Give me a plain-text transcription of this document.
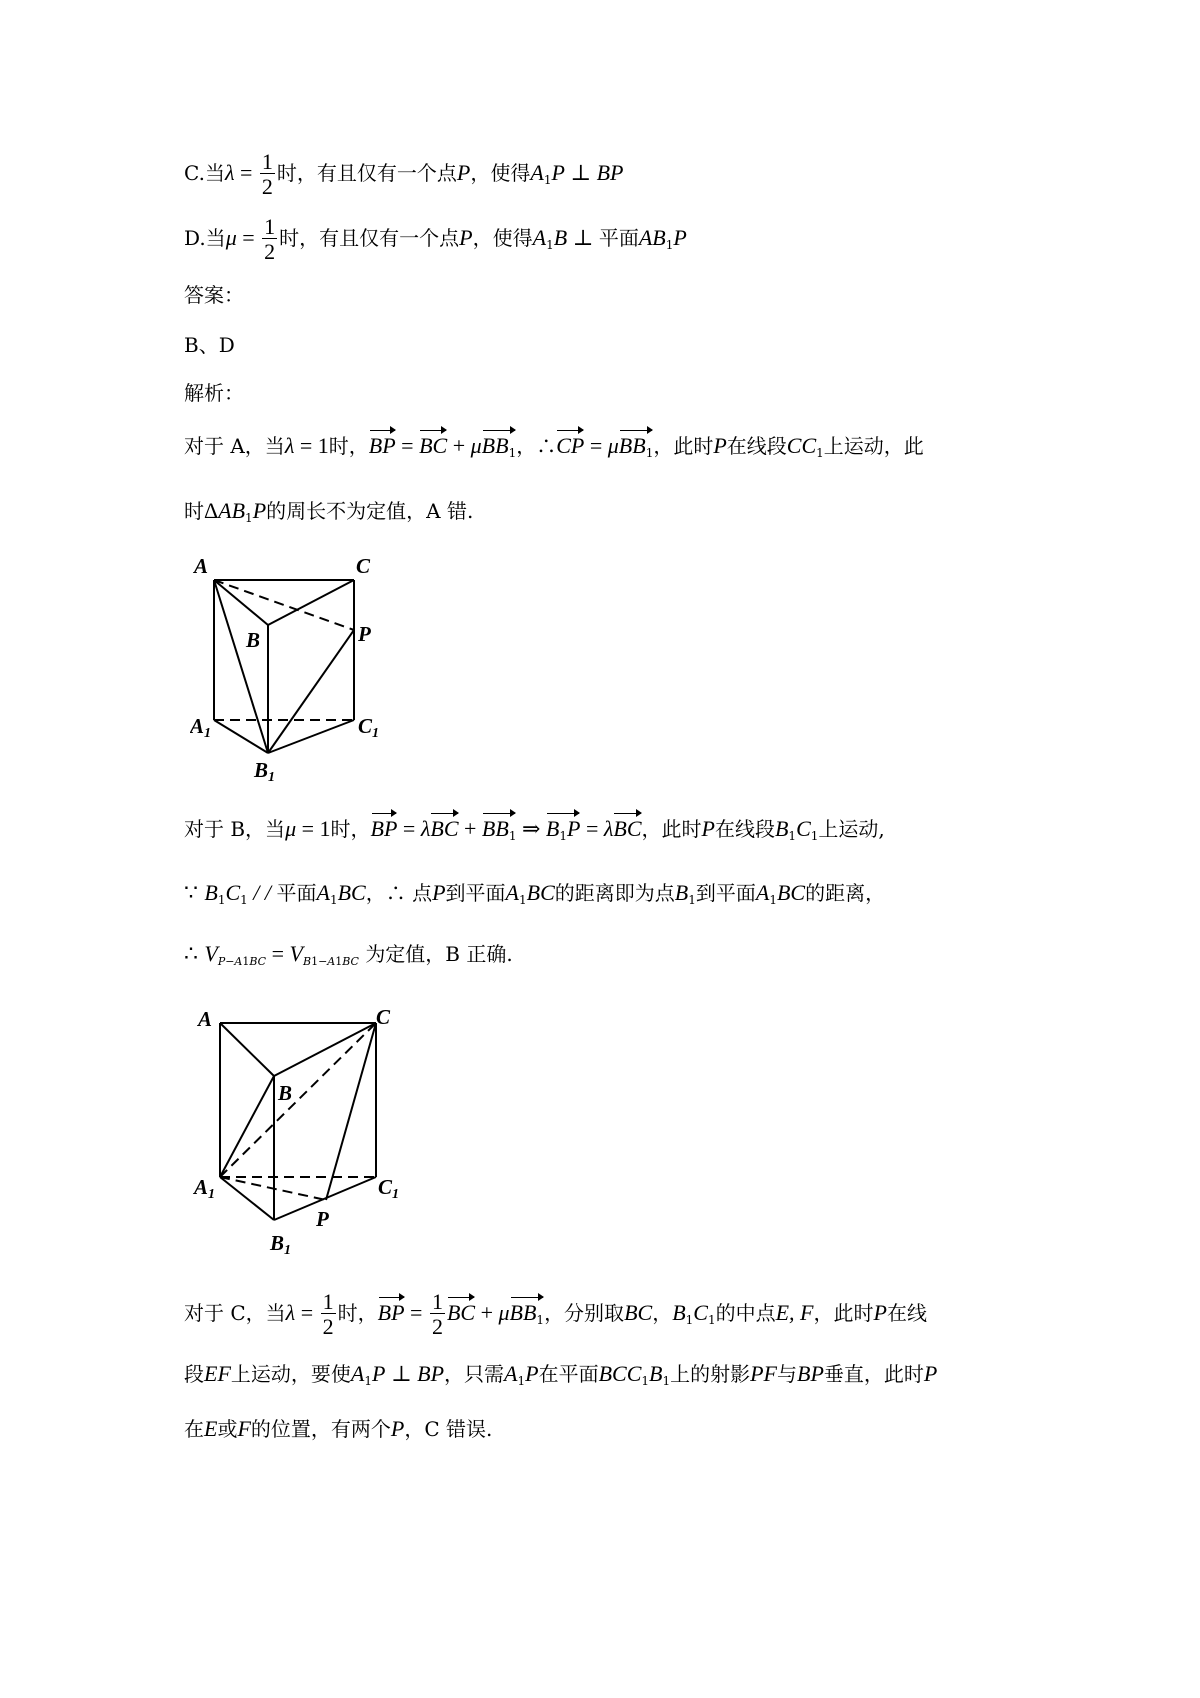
C.当$\lambda = \frac{1}{2}$ 时，有且仅有一个点P，使得$A_1P$ ⊥ BP
D.当$\mu = \frac{1}{2}$ 时，有且仅有一个点P，使得$A_1B$ ⊥ 平面$AB_1P$
答案：
B、D
解析：
对于 A，当λ = 1时，BP = BC + μBB$_1$，∴CP = μBB$_1$，此时P在线段$CC_1$上运动，此
时$\Delta AB_1P$的周长不为定值，A 错.
A	C
B	P
A1	C1
B1
对于 B，当μ = 1时，BP = $\lambda BC + BB_1$ ⇒ $B_1P = \lambda BC$，此时P在线段$B_1C_1$上运动,
∵ $B_1C_1$ / / 平面$A_1BC$，∴ 点P到平面$A_1BC$的距离即为点$B_1$到平面$A_1BC$的距离，
∴ $V_{P-A1BC} = V_{B1-A1BC}$ 为定值，B 正确.
A	C
B
P
A1	C1
B1
对于 C，当$\lambda = \frac{1}{2}$ 时，BP = $\frac{1}{2}$ BC + μBB$_1$，分别取BC，$B_1C_1$的中点E, F，此时P在线
段EF上运动，要使$A_1P$ ⊥ BP，只需$A_1P$在平面$BCC_1B_1$上的射影PF与BP垂直，此时P
在E或F的位置，有两个P，C 错误.
